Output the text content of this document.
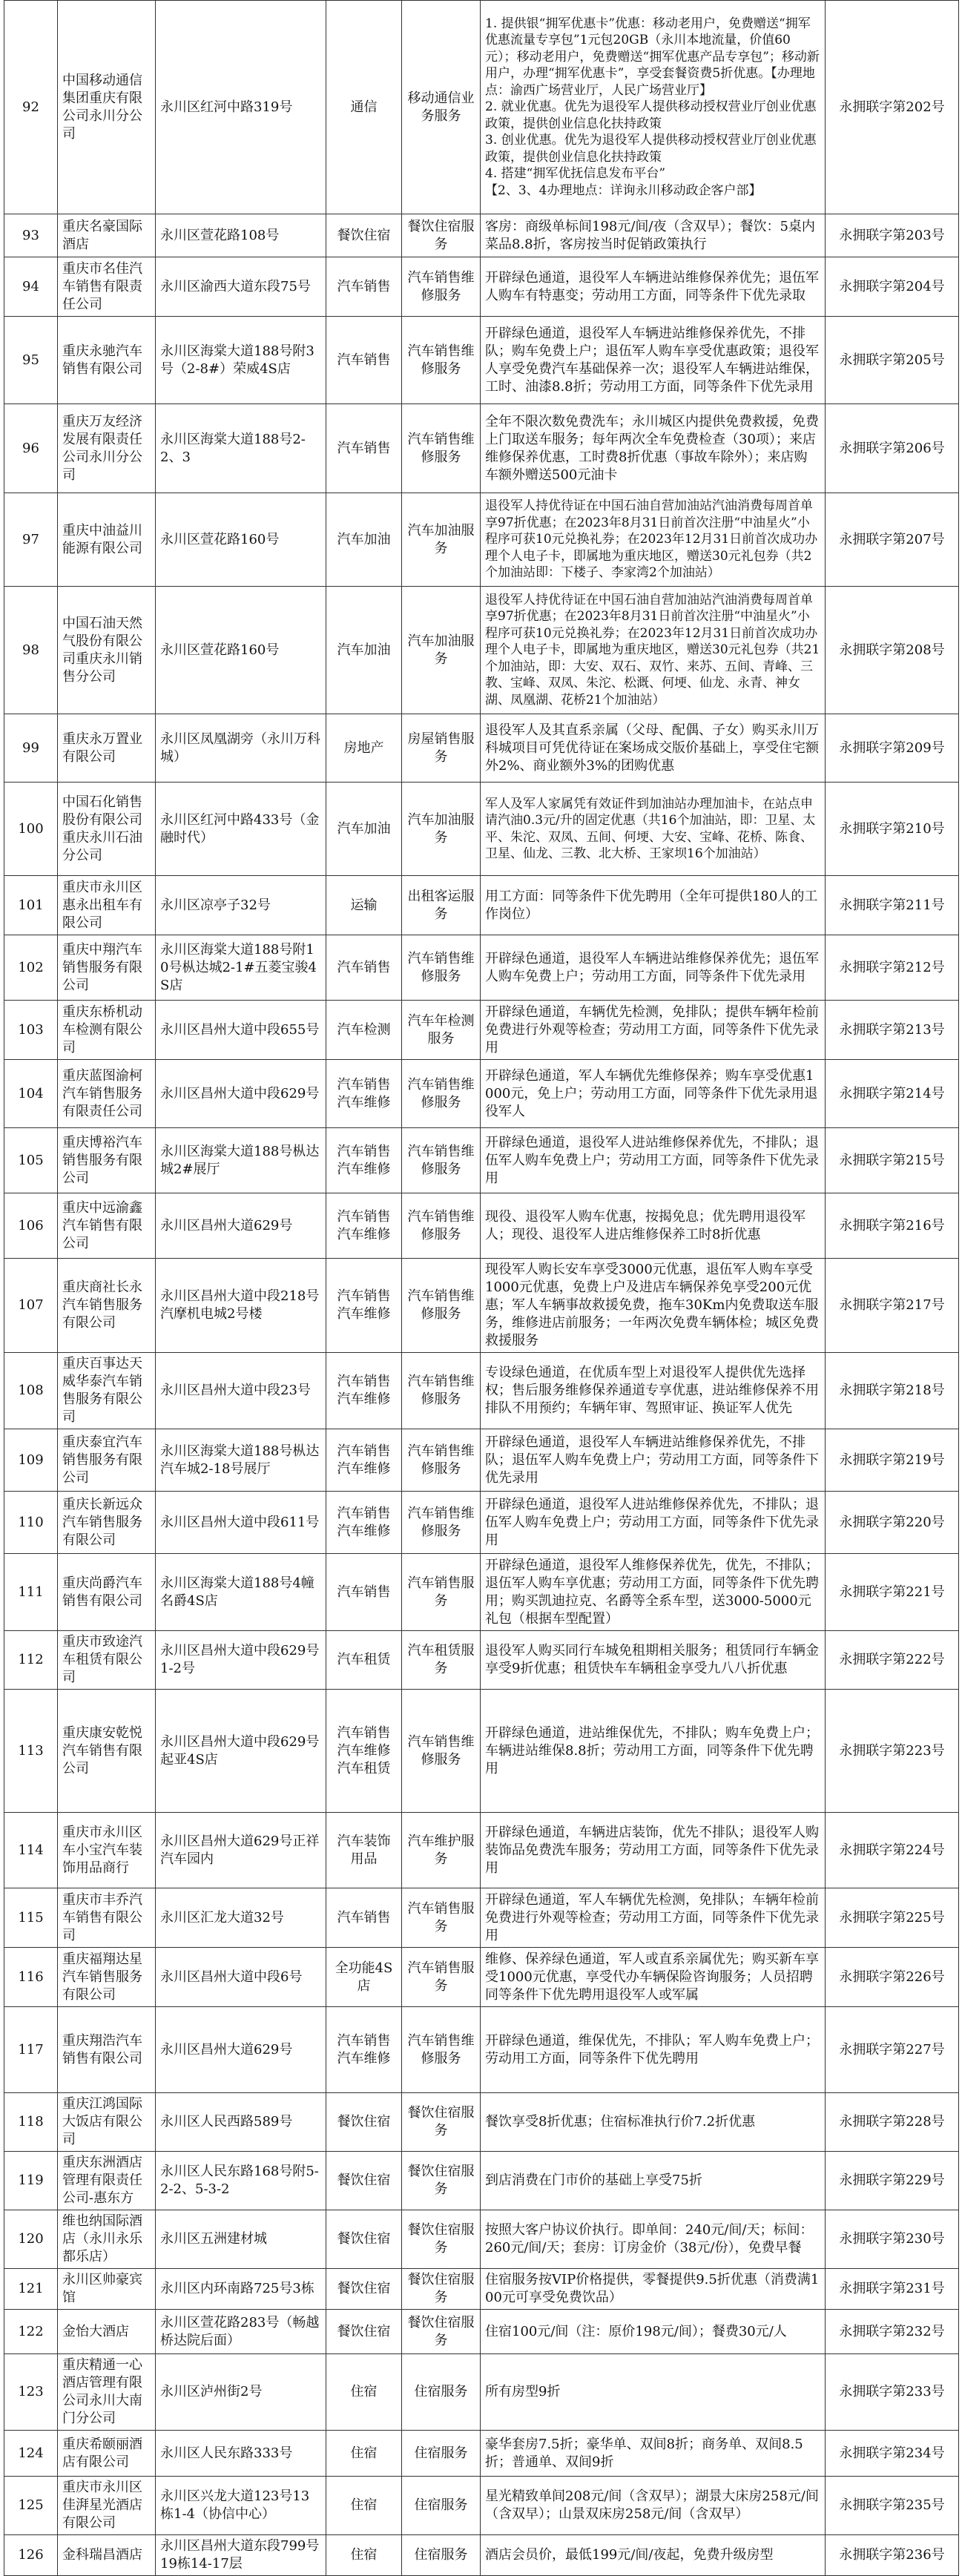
92	中国移动通信集团重庆有限公司永川分公司	永川区红河中路319号	通信	移动通信业务服务	1. 提供银“拥军优惠卡”优惠：移动老用户，免费赠送“拥军优惠流量专享包”1元包20GB（永川本地流量，价值60元）；移动老用户，免费赠送“拥军优惠产品专享包”；移动新用户，办理“拥军优惠卡”，享受套餐资费5折优惠。【办理地点：渝西广场营业厅，人民广场营业厅】
2. 就业优惠。优先为退役军人提供移动授权营业厅创业优惠政策，提供创业信息化扶持政策
3. 创业优惠。优先为退役军人提供移动授权营业厅创业优惠政策，提供创业信息化扶持政策
4. 搭建“拥军优抚信息发布平台”
【2、3、4办理地点：详询永川移动政企客户部】	永拥联字第202号
93	重庆名豪国际酒店	永川区萱花路108号	餐饮住宿	餐饮住宿服务	客房：商级单标间198元/间/夜（含双早）；餐饮：5桌内菜品8.8折，客房按当时促销政策执行	永拥联字第203号
94	重庆市名佳汽车销售有限责任公司	永川区渝西大道东段75号	汽车销售	汽车销售维修服务	开辟绿色通道，退役军人车辆进站维修保养优先；退伍军人购车有特惠变；劳动用工方面，同等条件下优先录取	永拥联字第204号
95	重庆永驰汽车销售有限公司	永川区海棠大道188号附3号（2-8#）荣威4S店	汽车销售	汽车销售维修服务	开辟绿色通道，退役军人车辆进站维修保养优先，不排队；购车免费上户；退伍军人购车享受优惠政策；退役军人享受免费汽车基础保养一次；退役军人车辆进站维保，工时、油漆8.8折；劳动用工方面，同等条件下优先录用	永拥联字第205号
96	重庆万友经济发展有限责任公司永川分公司	永川区海棠大道188号2-2、3	汽车销售	汽车销售维修服务	全年不限次数免费洗车；永川城区内提供免费救援，免费上门取送车服务；每年两次全车免费检查（30项）；来店维修保养优惠，工时费8折优惠（事故车除外）；来店购车额外赠送500元油卡	永拥联字第206号
97	重庆中油益川能源有限公司	永川区萱花路160号	汽车加油	汽车加油服务	退役军人持优待证在中国石油自营加油站汽油消费每周首单享97折优惠；在2023年8月31日前首次注册“中油星火”小程序可获10元兑换礼券；在2023年12月31日前首次成功办理个人电子卡，即属地为重庆地区，赠送30元礼包券（共2个加油站即：下楼子、李家湾2个加油站）	永拥联字第207号
98	中国石油天然气股份有限公司重庆永川销售分公司	永川区萱花路160号	汽车加油	汽车加油服务	退役军人持优待证在中国石油自营加油站汽油消费每周首单享97折优惠；在2023年8月31日前首次注册“中油星火”小程序可获10元兑换礼券；在2023年12月31日前首次成功办理个人电子卡，即属地为重庆地区，赠送30元礼包券（共21个加油站，即：大安、双石、双竹、来苏、五间、青峰、三教、宝峰、双凤、朱沱、松溉、何埂、仙龙、永青、神女湖、凤凰湖、花桥21个加油站）	永拥联字第208号
99	重庆永万置业有限公司	永川区凤凰湖旁（永川万科城）	房地产	房屋销售服务	退役军人及其直系亲属（父母、配偶、子女）购买永川万科城项目可凭优待证在案场成交版价基础上，享受住宅额外2%、商业额外3%的团购优惠	永拥联字第209号
100	中国石化销售股份有限公司重庆永川石油分公司	永川区红河中路433号（金融时代）	汽车加油	汽车加油服务	军人及军人家属凭有效证件到加油站办理加油卡，在站点申请汽油0.3元/升的固定优惠（共16个加油站，即：卫星、太平、朱沱、双凤、五间、何埂、大安、宝峰、花桥、陈食、卫星、仙龙、三教、北大桥、王家坝16个加油站）	永拥联字第210号
101	重庆市永川区惠永出租车有限公司	永川区凉亭子32号	运输	出租客运服务	用工方面：同等条件下优先聘用（全年可提供180人的工作岗位）	永拥联字第211号
102	重庆中翔汽车销售服务有限公司	永川区海棠大道188号附10号枞达城2-1#五菱宝骏4S店	汽车销售	汽车销售维修服务	开辟绿色通道，退役军人车辆进站维修保养优先；退伍军人购车免费上户；劳动用工方面，同等条件下优先录用	永拥联字第212号
103	重庆东桥机动车检测有限公司	永川区昌州大道中段655号	汽车检测	汽车年检测服务	开辟绿色通道，车辆优先检测，免排队；提供车辆年检前免费进行外观等检查；劳动用工方面，同等条件下优先录用	永拥联字第213号
104	重庆蓝图渝柯汽车销售服务有限责任公司	永川区昌州大道中段629号	汽车销售汽车维修	汽车销售维修服务	开辟绿色通道，军人车辆优先维修保养；购车享受优惠1000元，免上户；劳动用工方面，同等条件下优先录用退役军人	永拥联字第214号
105	重庆博裕汽车销售服务有限公司	永川区海棠大道188号枞达城2#展厅	汽车销售汽车维修	汽车销售维修服务	开辟绿色通道，退役军人进站维修保养优先，不排队；退伍军人购车免费上户；劳动用工方面，同等条件下优先录用	永拥联字第215号
106	重庆中远渝鑫汽车销售有限公司	永川区昌州大道629号	汽车销售汽车维修	汽车销售维修服务	现役、退役军人购车优惠，按揭免息；优先聘用退役军人；现役、退役军人进店维修保养工时8折优惠	永拥联字第216号
107	重庆商社长永汽车销售服务有限公司	永川区昌州大道中段218号汽摩机电城2号楼	汽车销售汽车维修	汽车销售维修服务	现役军人购长安车享受3000元优惠，退伍军人购车享受1000元优惠，免费上户及进店车辆保养免享受200元优惠；军人车辆事故救援免费，拖车30Km内免费取送车服务，维修进店前服务；一年两次免费车辆体检；城区免费救援服务	永拥联字第217号
108	重庆百事达天威华泰汽车销售服务有限公司	永川区昌州大道中段23号	汽车销售汽车维修	汽车销售维修服务	专设绿色通道，在优质车型上对退役军人提供优先选择权；售后服务维修保养通道专享优惠，进站维修保养不用排队不用预约；车辆年审、驾照审证、换证军人优先	永拥联字第218号
109	重庆泰宜汽车销售服务有限公司	永川区海棠大道188号枞达汽车城2-18号展厅	汽车销售汽车维修	汽车销售维修服务	开辟绿色通道，退役军人车辆进站维修保养优先，不排队；退伍军人购车免费上户；劳动用工方面，同等条件下优先录用	永拥联字第219号
110	重庆长新远众汽车销售服务有限公司	永川区昌州大道中段611号	汽车销售汽车维修	汽车销售维修服务	开辟绿色通道，退役军人进站维修保养优先，不排队；退伍军人购车免费上户；劳动用工方面，同等条件下优先录用	永拥联字第220号
111	重庆尚爵汽车销售有限公司	永川区海棠大道188号4幢名爵4S店	汽车销售	汽车销售服务	开辟绿色通道，退役军人维修保养优先，优先，不排队；退伍军人购车享优惠；劳动用工方面，同等条件下优先聘用；购买凯迪拉克、名爵等全系车型，送3000-5000元礼包（根据车型配置）	永拥联字第221号
112	重庆市致途汽车租赁有限公司	永川区昌州大道中段629号1-2号	汽车租赁	汽车租赁服务	退役军人购买同行车城免租期相关服务；租赁同行车辆金享受9折优惠；租赁快车车辆租金享受九八八折优惠	永拥联字第222号
113	重庆康安乾悦汽车销售有限公司	永川区昌州大道中段629号起亚4S店	汽车销售汽车维修汽车租赁	汽车销售维修服务	开辟绿色通道，进站维保优先，不排队；购车免费上户；车辆进站维保8.8折；劳动用工方面，同等条件下优先聘用	永拥联字第223号
114	重庆市永川区车小宝汽车装饰用品商行	永川区昌州大道629号正祥汽车园内	汽车装饰用品	汽车维护服务	开辟绿色通道，车辆进店装饰，优先不排队；退役军人购装饰品免费洗车服务；劳动用工方面，同等条件下优先录用	永拥联字第224号
115	重庆市丰乔汽车销售有限公司	永川区汇龙大道32号	汽车销售	汽车销售服务	开辟绿色通道，军人车辆优先检测，免排队；车辆年检前免费进行外观等检查；劳动用工方面，同等条件下优先录用	永拥联字第225号
116	重庆福翔达星汽车销售服务有限公司	永川区昌州大道中段6号	全功能4S店	汽车销售服务	维修、保养绿色通道，军人或直系亲属优先；购买新车享受1000元优惠，享受代办车辆保险咨询服务；人员招聘同等条件下优先聘用退役军人或军属	永拥联字第226号
117	重庆翔浩汽车销售有限公司	永川区昌州大道629号	汽车销售汽车维修	汽车销售维修服务	开辟绿色通道，维保优先，不排队；军人购车免费上户；劳动用工方面，同等条件下优先聘用	永拥联字第227号
118	重庆江鸿国际大饭店有限公司	永川区人民西路589号	餐饮住宿	餐饮住宿服务	餐饮享受8折优惠；住宿标准执行价7.2折优惠	永拥联字第228号
119	重庆东洲酒店管理有限责任公司-惠东方	永川区人民东路168号附5-2-2、5-3-2	餐饮住宿	餐饮住宿服务	到店消费在门市价的基础上享受75折	永拥联字第229号
120	维也纳国际酒店（永川永乐都乐店）	永川区五洲建材城	餐饮住宿	餐饮住宿服务	按照大客户协议价执行。即单间：240元/间/天；标间：260元/间/天；套房：订房金价（38元/份），免费早餐	永拥联字第230号
121	永川区帅豪宾馆	永川区内环南路725号3栋	餐饮住宿	餐饮住宿服务	住宿服务按VIP价格提供，零餐提供9.5折优惠（消费满100元可享受免费饮品）	永拥联字第231号
122	金怡大酒店	永川区萱花路283号（畅越桥达院后面）	餐饮住宿	餐饮住宿服务	住宿100元/间（注：原价198元/间）；餐费30元/人	永拥联字第232号
123	重庆精通一心酒店管理有限公司永川大南门分公司	永川区泸州街2号	住宿	住宿服务	所有房型9折	永拥联字第233号
124	重庆希颐丽酒店有限公司	永川区人民东路333号	住宿	住宿服务	豪华套房7.5折；豪华单、双间8折；商务单、双间8.5折；普通单、双间9折	永拥联字第234号
125	重庆市永川区佳湃星光酒店有限公司	永川区兴龙大道123号13栋1-4（协信中心）	住宿	住宿服务	星光精致单间208元/间（含双早）；湖景大床房258元/间（含双早）；山景双床房258元/间（含双早）	永拥联字第235号
126	金科瑞昌酒店	永川区昌州大道东段799号19栋14-17层	住宿	住宿服务	酒店会员价，最低199元/间/夜起，免费升级房型	永拥联字第236号
